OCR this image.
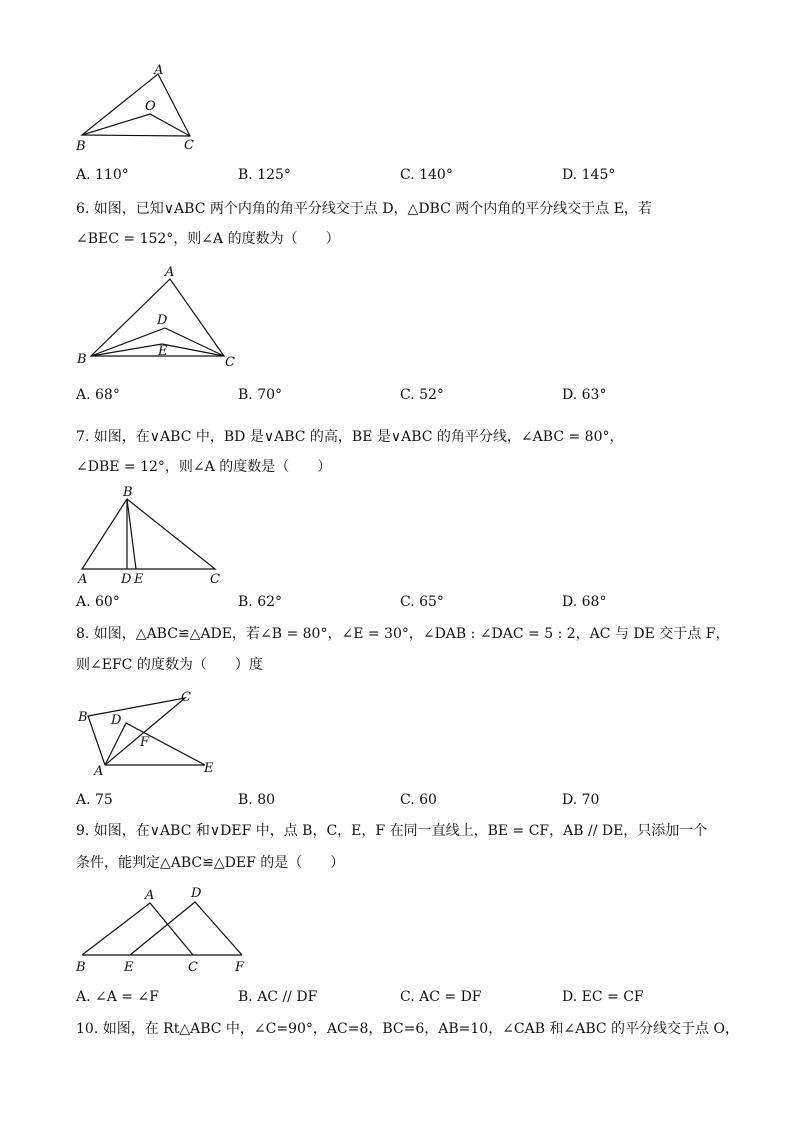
A
O
B	C
A. 110°	B. 125°	C. 140°	D. 145°
6. 如图，已知∨ABC 两个内角的角平分线交于点 D，△DBC 两个内角的平分线交于点 E，若
∠BEC = 152°，则∠A 的度数为（　　）
A
D
E
B	C
A. 68°	B. 70°	C. 52°	D. 63°
7. 如图，在∨ABC 中，BD 是∨ABC 的高，BE 是∨ABC 的角平分线，∠ABC = 80°，
∠DBE = 12°，则∠A 的度数是（　　）
B
A	D E	C
A. 60°	B. 62°	C. 65°	D. 68°
8. 如图，△ABC≌△ADE，若∠B = 80°，∠E = 30°，∠DAB : ∠DAC = 5 : 2，AC 与 DE 交于点 F，
则∠EFC 的度数为（　　）度
B D
C
F
A	E
A. 75	B. 80	C. 60	D. 70
9. 如图，在∨ABC 和∨DEF 中，点 B，C，E，F 在同一直线上，BE = CF，AB // DE，只添加一个
条件，能判定△ABC≌△DEF 的是（　　）
A	D
B	E	C	F
A. ∠A = ∠F	B. AC // DF	C. AC = DF	D. EC = CF
10. 如图，在 Rt△ABC 中，∠C=90°，AC=8，BC=6，AB=10，∠CAB 和∠ABC 的平分线交于点 O，
